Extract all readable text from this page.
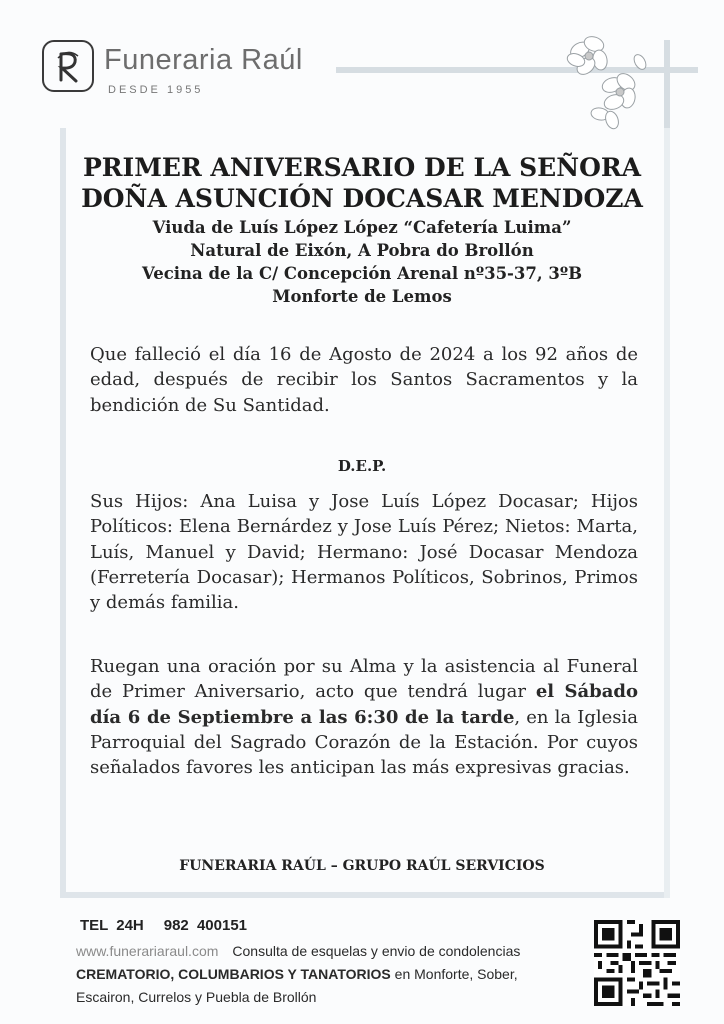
Funeraria Raúl
DESDE 1955
PRIMER ANIVERSARIO DE LA SEÑORA
DOÑA ASUNCIÓN DOCASAR MENDOZA
Viuda de Luís López López “Cafetería Luima”
Natural de Eixón, A Pobra do Brollón
Vecina de la C/ Concepción Arenal nº35-37, 3ºB
Monforte de Lemos
Que falleció el día 16 de Agosto de 2024 a los 92 años de edad, después de recibir los Santos Sacramentos y la bendición de Su Santidad.
D.E.P.
Sus Hijos: Ana Luisa y Jose Luís López Docasar; Hijos Políticos: Elena Bernárdez y Jose Luís Pérez; Nietos: Marta, Luís, Manuel y David; Hermano: José Docasar Mendoza (Ferretería Docasar); Hermanos Políticos, Sobrinos, Primos y demás familia.
Ruegan una oración por su Alma y la asistencia al Funeral de Primer Aniversario, acto que tendrá lugar el Sábado día 6 de Septiembre a las 6:30 de la tarde, en la Iglesia Parroquial del Sagrado Corazón de la Estación. Por cuyos señalados favores les anticipan las más expresivas gracias.
FUNERARIA RAÚL – GRUPO RAÚL SERVICIOS
TEL 24H 982 400151
www.funerariaraul.com Consulta de esquelas y envio de condolencias CREMATORIO, COLUMBARIOS Y TANATORIOS en Monforte, Sober, Escairon, Currelos y Puebla de Brollón
